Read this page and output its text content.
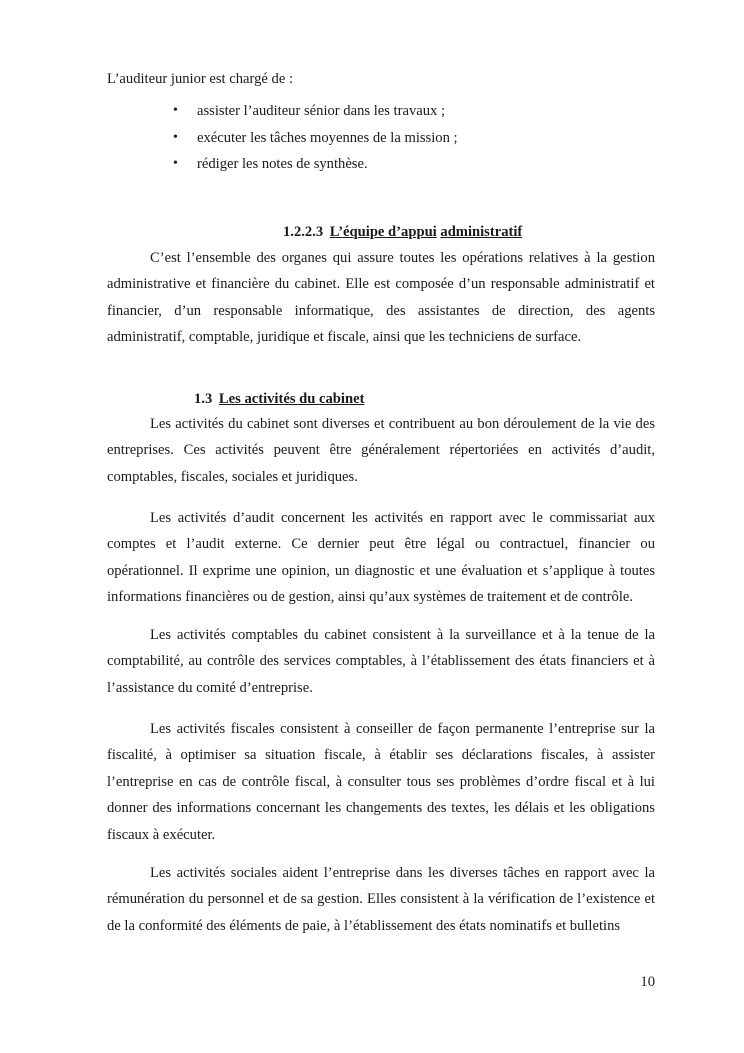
L’auditeur junior est chargé de :
• assister l’auditeur sénior dans les travaux ;
• exécuter les tâches moyennes de la mission ;
• rédiger les notes de synthèse.
1.2.2.3 L’équipe d’appui administratif

C’est l’ensemble des organes qui assure toutes les opérations relatives à la gestion administrative et financière du cabinet. Elle est composée d’un responsable administratif et financier, d’un responsable informatique, des assistantes de direction, des agents administratif, comptable, juridique et fiscale, ainsi que les techniciens de surface.

1.3 Les activités du cabinet

Les activités du cabinet sont diverses et contribuent au bon déroulement de la vie des entreprises. Ces activités peuvent être généralement répertoriées en activités d’audit, comptables, fiscales, sociales et juridiques.

Les activités d’audit concernent les activités en rapport avec le commissariat aux comptes et l’audit externe. Ce dernier peut être légal ou contractuel, financier ou opérationnel. Il exprime une opinion, un diagnostic et une évaluation et s’applique à toutes informations financières ou de gestion, ainsi qu’aux systèmes de traitement et de contrôle.

Les activités comptables du cabinet consistent à la surveillance et à la tenue de la comptabilité, au contrôle des services comptables, à l’établissement des états financiers et à l’assistance du comité d’entreprise.

Les activités fiscales consistent à conseiller de façon permanente l’entreprise sur la fiscalité, à optimiser sa situation fiscale, à établir ses déclarations fiscales, à assister l’entreprise en cas de contrôle fiscal, à consulter tous ses problèmes d’ordre fiscal et à lui donner des informations concernant les changements des textes, les délais et les obligations fiscaux à exécuter.

Les activités sociales aident l’entreprise dans les diverses tâches en rapport avec la rémunération du personnel et de sa gestion. Elles consistent à la vérification de l’existence et de la conformité des éléments de paie, à l’établissement des états nominatifs et bulletins

10
